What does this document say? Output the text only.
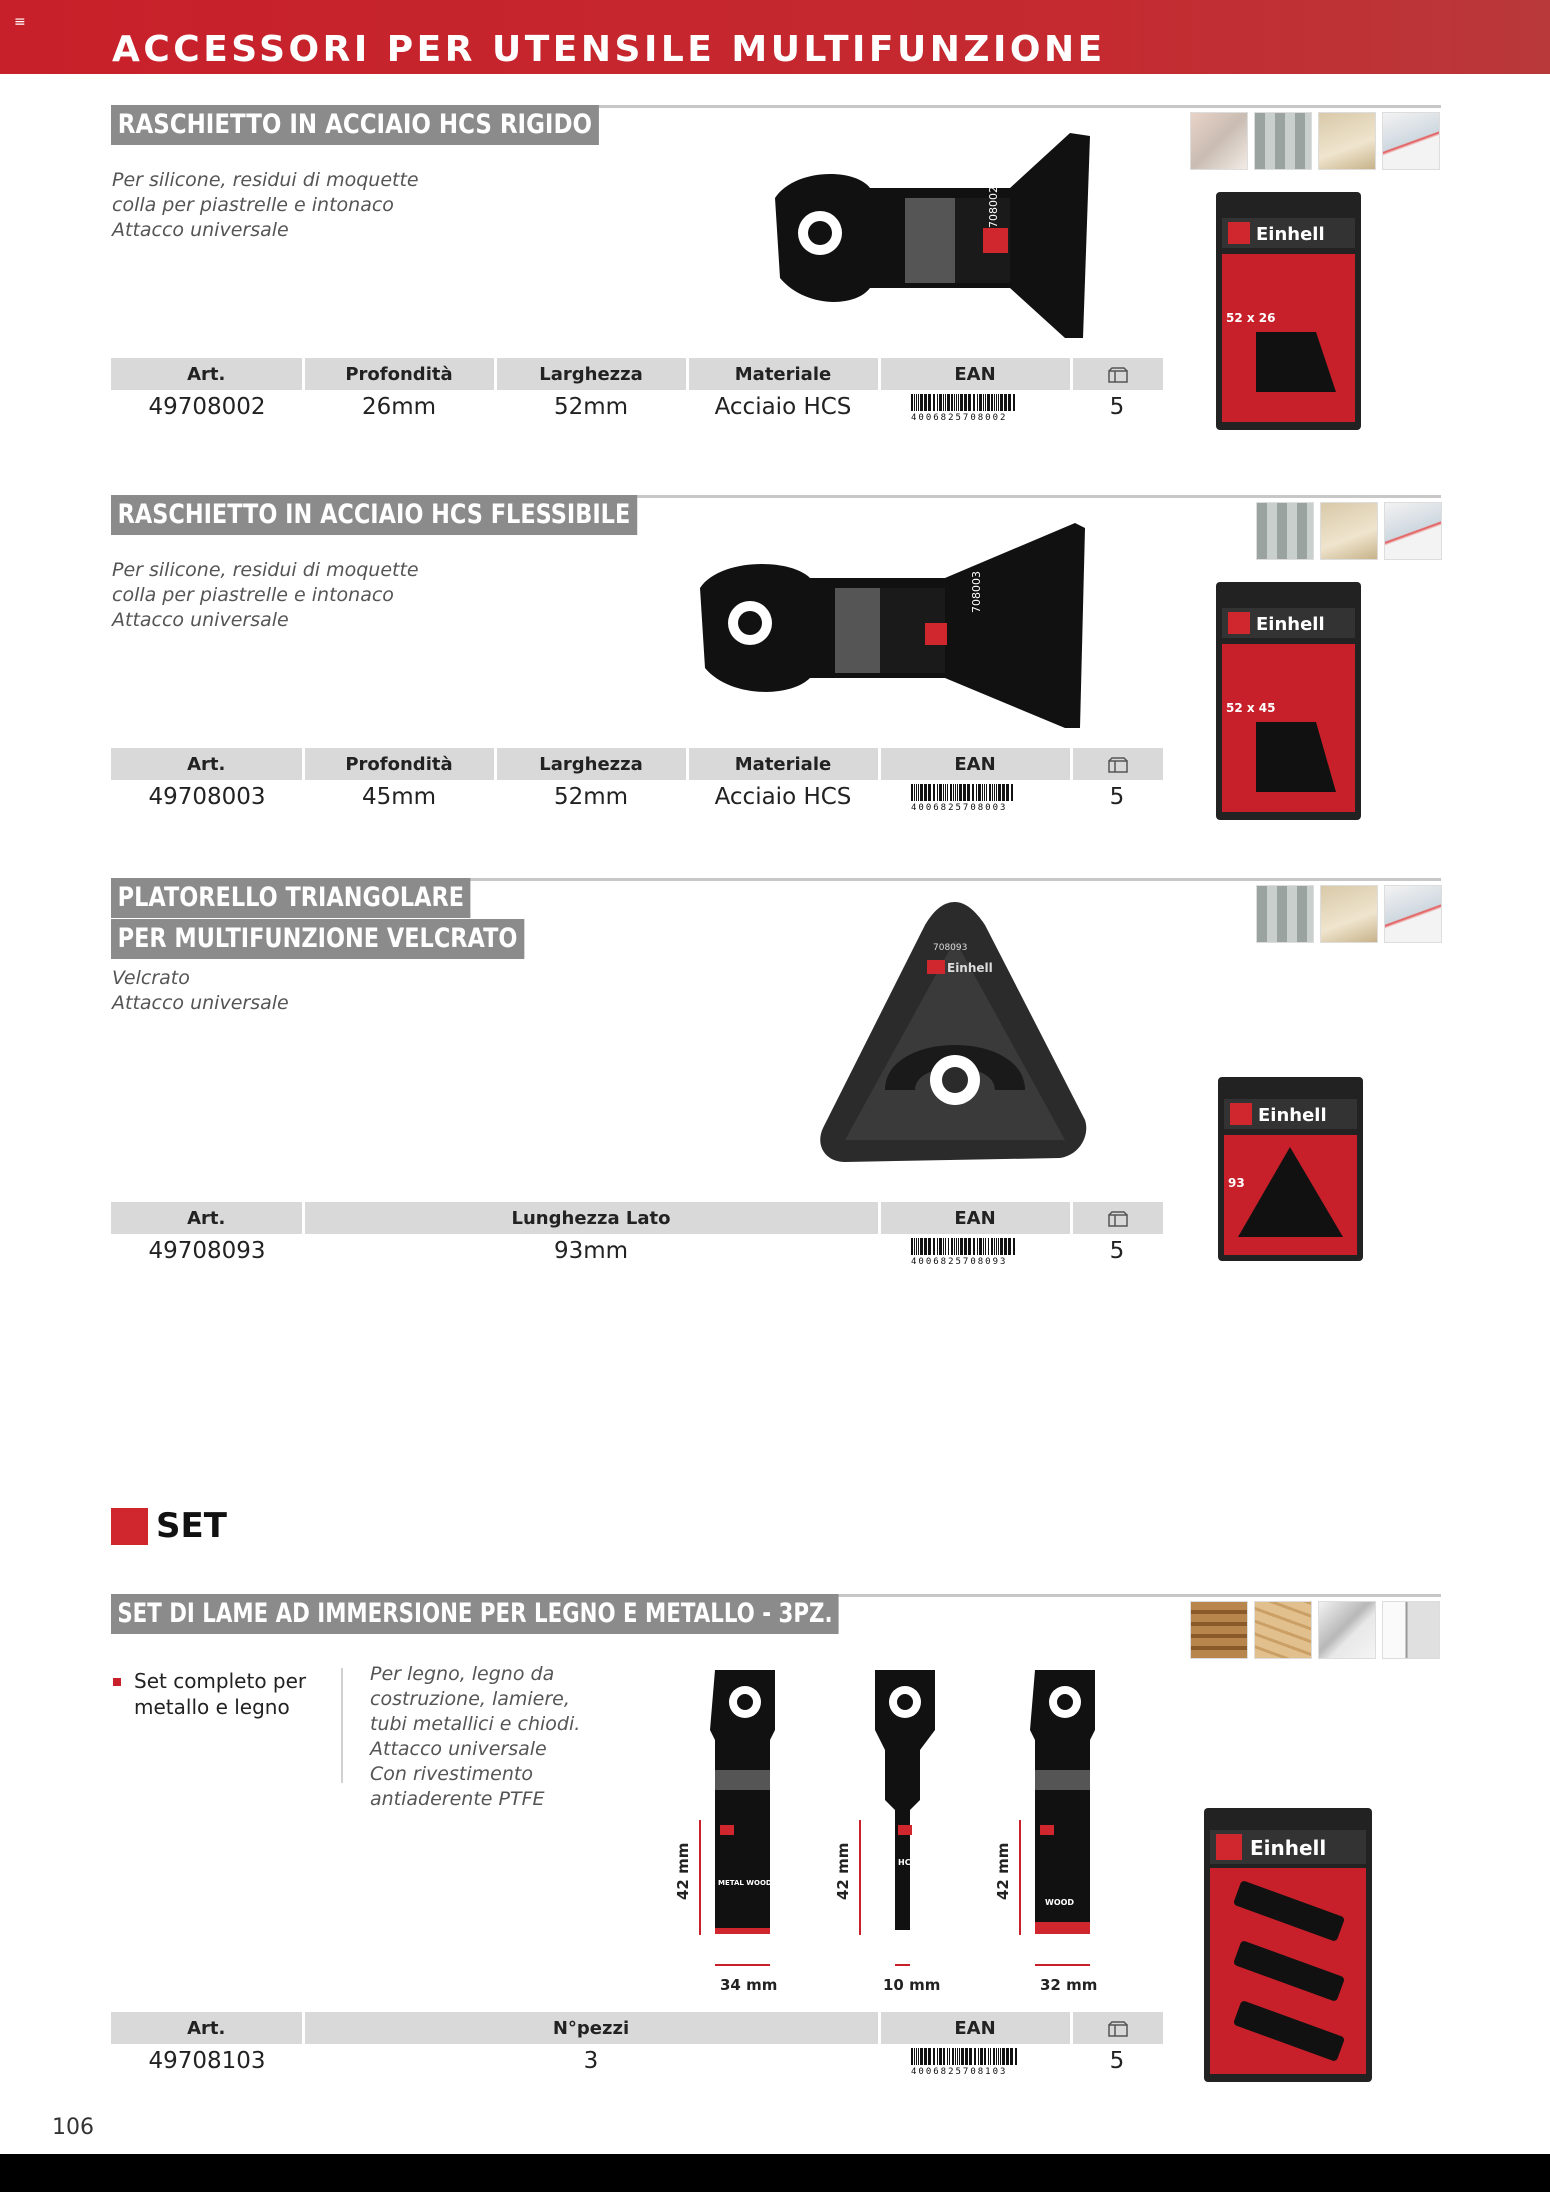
≡
ACCESSORI PER UTENSILE MULTIFUNZIONE
RASCHIETTO IN ACCIAIO HCS RIGIDO
Per silicone, residui di moquette
colla per piastrelle e intonaco
Attacco universale
708002
Einhell
52 x 26
Art.	Profondità	Larghezza	Materiale	EAN	
49708002	26mm	52mm	Acciaio HCS	4006825708002	5
RASCHIETTO IN ACCIAIO HCS FLESSIBILE
Per silicone, residui di moquette
colla per piastrelle e intonaco
Attacco universale
708003
Einhell
52 x 45
Art.	Profondità	Larghezza	Materiale	EAN	
49708003	45mm	52mm	Acciaio HCS	4006825708003	5
PLATORELLO TRIANGOLARE
PER MULTIFUNZIONE VELCRATO
Velcrato
Attacco universale
Einhell
708093
Einhell
93
Art.	Lunghezza Lato	EAN	
49708093	93mm	4006825708093	5
SET
SET DI LAME AD IMMERSIONE PER LEGNO E METALLO - 3PZ.
Set completo per metallo e legno
Per legno, legno da
costruzione, lamiere,
tubi metallici e chiodi.
Attacco universale
Con rivestimento
antiaderente PTFE
METAL WOOD & NAILS
HCS
WOOD
42 mm	42 mm	42 mm
34 mm	10 mm	32 mm
Einhell
Art.	N°pezzi	EAN	
49708103	3	4006825708103	5
106
